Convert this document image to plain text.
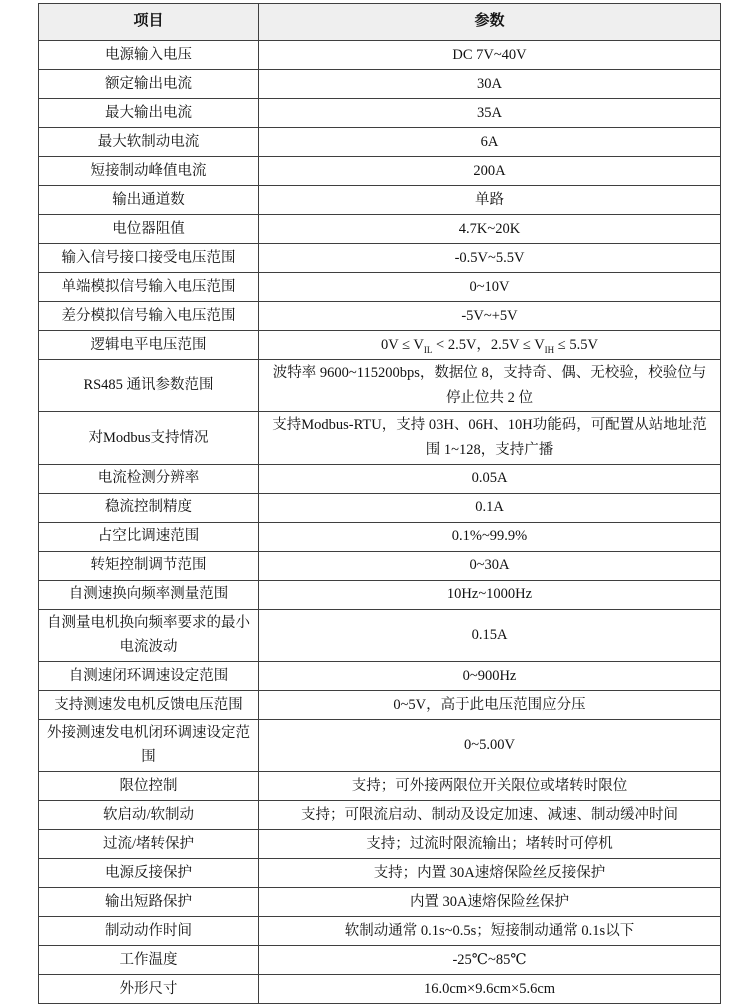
项目	参数
电源输入电压	DC 7V~40V
额定输出电流	30A
最大输出电流	35A
最大软制动电流	6A
短接制动峰值电流	200A
输出通道数	单路
电位器阻值	4.7K~20K
输入信号接口接受电压范围	-0.5V~5.5V
单端模拟信号输入电压范围	0~10V
差分模拟信号输入电压范围	-5V~+5V
逻辑电平电压范围	$0V \le V_{IL} < 2.5V$，$2.5V \le V_{IH} \le 5.5V$
RS485 通讯参数范围	波特率 9600~115200bps，数据位 8，支持奇、偶、无校验，校验位与停止位共 2 位
对Modbus支持情况	支持Modbus-RTU，支持 03H、06H、10H功能码，可配置从站地址范围 1~128，支持广播
电流检测分辨率	0.05A
稳流控制精度	0.1A
占空比调速范围	0.1%~99.9%
转矩控制调节范围	0~30A
自测速换向频率测量范围	10Hz~1000Hz
自测量电机换向频率要求的最小电流波动	0.15A
自测速闭环调速设定范围	0~900Hz
支持测速发电机反馈电压范围	0~5V，高于此电压范围应分压
外接测速发电机闭环调速设定范围	0~5.00V
限位控制	支持；可外接两限位开关限位或堵转时限位
软启动/软制动	支持；可限流启动、制动及设定加速、减速、制动缓冲时间
过流/堵转保护	支持；过流时限流输出；堵转时可停机
电源反接保护	支持；内置 30A速熔保险丝反接保护
输出短路保护	内置 30A速熔保险丝保护
制动动作时间	软制动通常 0.1s~0.5s；短接制动通常 0.1s以下
工作温度	-25℃~85℃
外形尺寸	16.0cm×9.6cm×5.6cm
